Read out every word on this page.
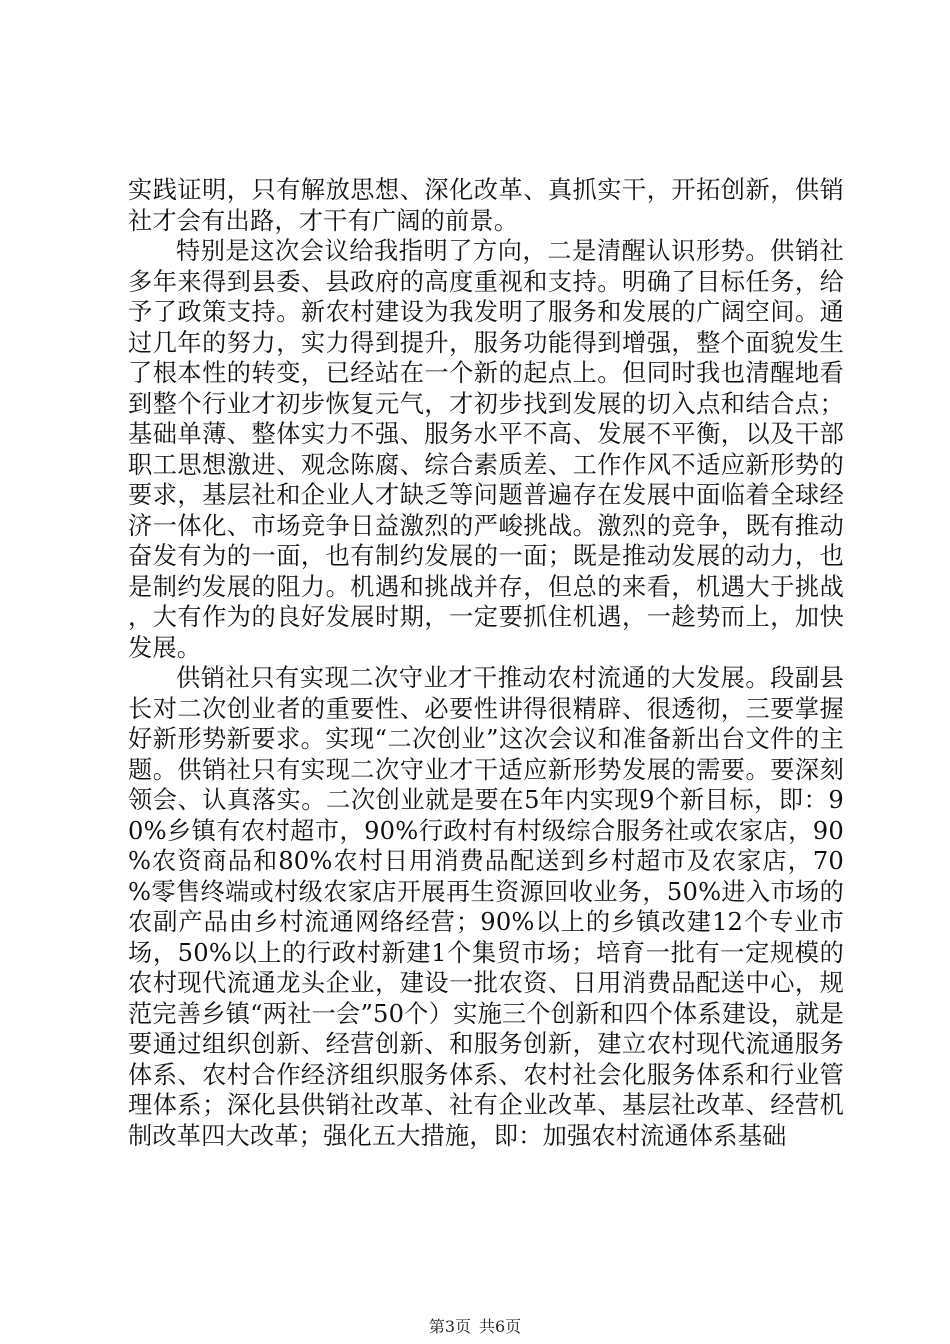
实践证明，只有解放思想、深化改革、真抓实干，开拓创新，供销社才会有出路，才干有广阔的前景。

特别是这次会议给我指明了方向，二是清醒认识形势。供销社多年来得到县委、县政府的高度重视和支持。明确了目标任务，给予了政策支持。新农村建设为我发明了服务和发展的广阔空间。通过几年的努力，实力得到提升，服务功能得到增强，整个面貌发生了根本性的转变，已经站在一个新的起点上。但同时我也清醒地看到整个行业才初步恢复元气，才初步找到发展的切入点和结合点；基础单薄、整体实力不强、服务水平不高、发展不平衡，以及干部职工思想激进、观念陈腐、综合素质差、工作作风不适应新形势的要求，基层社和企业人才缺乏等问题普遍存在发展中面临着全球经济一体化、市场竞争日益激烈的严峻挑战。激烈的竞争，既有推动奋发有为的一面，也有制约发展的一面；既是推动发展的动力，也是制约发展的阻力。机遇和挑战并存，但总的来看，机遇大于挑战，大有作为的良好发展时期，一定要抓住机遇，一趁势而上，加快发展。

供销社只有实现二次守业才干推动农村流通的大发展。段副县长对二次创业者的重要性、必要性讲得很精辟、很透彻，三要掌握好新形势新要求。实现“二次创业”这次会议和准备新出台文件的主题。供销社只有实现二次守业才干适应新形势发展的需要。要深刻领会、认真落实。二次创业就是要在5年内实现9个新目标，即：90%乡镇有农村超市，90%行政村有村级综合服务社或农家店，90%农资商品和80%农村日用消费品配送到乡村超市及农家店，70%零售终端或村级农家店开展再生资源回收业务，50%进入市场的农副产品由乡村流通网络经营；90%以上的乡镇改建12个专业市场，50%以上的行政村新建1个集贸市场；培育一批有一定规模的农村现代流通龙头企业，建设一批农资、日用消费品配送中心，规范完善乡镇“两社一会”50个）实施三个创新和四个体系建设，就是要通过组织创新、经营创新、和服务创新，建立农村现代流通服务体系、农村合作经济组织服务体系、农村社会化服务体系和行业管理体系；深化县供销社改革、社有企业改革、基层社改革、经营机制改革四大改革；强化五大措施，即：加强农村流通体系基础

第3页 共6页
